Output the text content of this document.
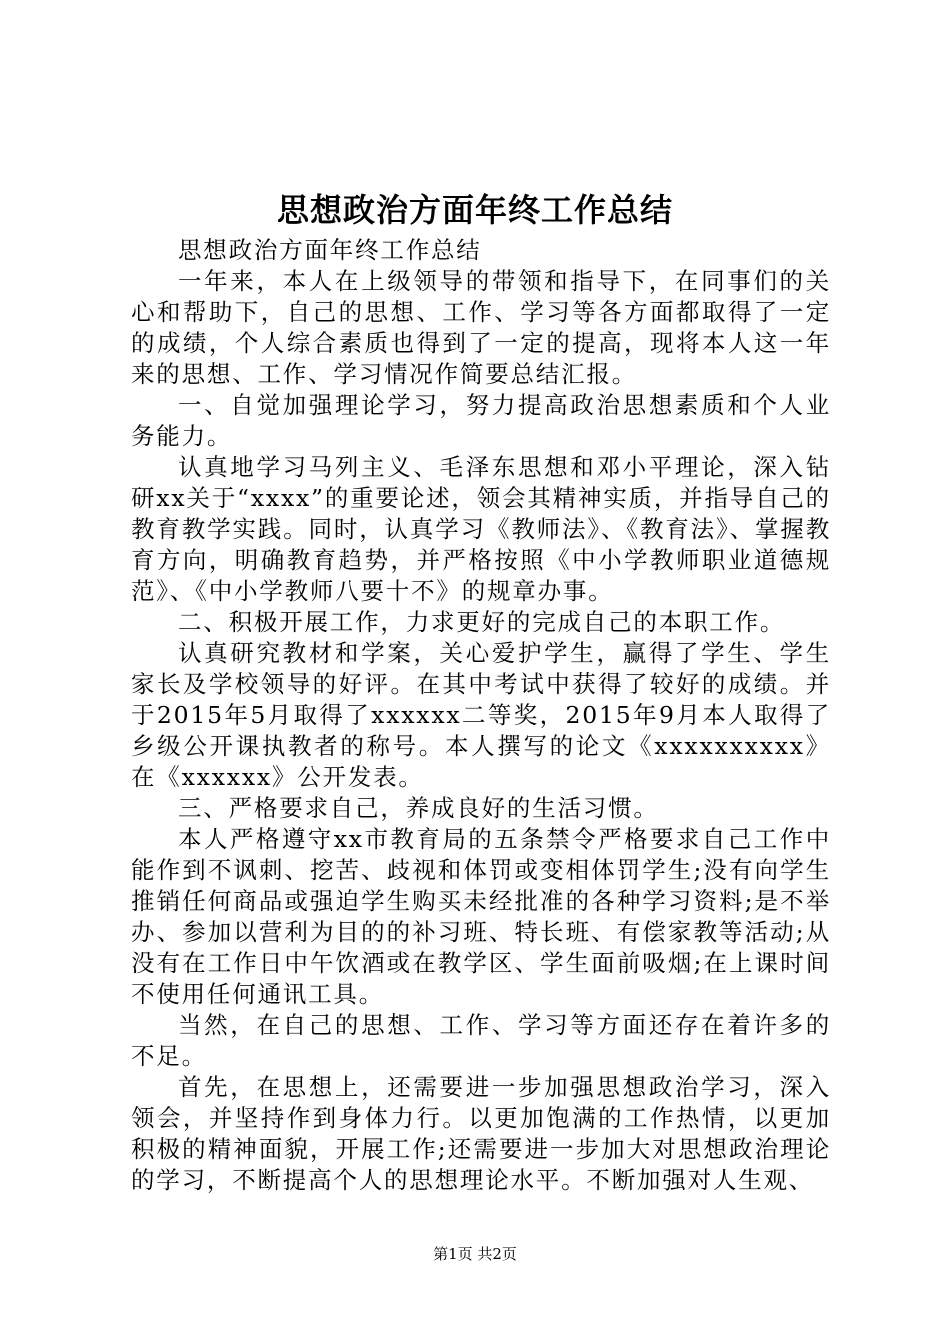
思想政治方面年终工作总结

思想政治方面年终工作总结

一年来，本人在上级领导的带领和指导下，在同事们的关心和帮助下，自己的思想、工作、学习等各方面都取得了一定的成绩，个人综合素质也得到了一定的提高，现将本人这一年来的思想、工作、学习情况作简要总结汇报。

一、自觉加强理论学习，努力提高政治思想素质和个人业务能力。

认真地学习马列主义、毛泽东思想和邓小平理论，深入钻研xx关于“xxxx”的重要论述，领会其精神实质，并指导自己的教育教学实践。同时，认真学习《教师法》、《教育法》、掌握教育方向，明确教育趋势，并严格按照《中小学教师职业道德规范》、《中小学教师八要十不》的规章办事。

二、积极开展工作，力求更好的完成自己的本职工作。

认真研究教材和学案，关心爱护学生，赢得了学生、学生家长及学校领导的好评。在其中考试中获得了较好的成绩。并于2015年5月取得了xxxxxx二等奖，2015年9月本人取得了乡级公开课执教者的称号。本人撰写的论文《xxxxxxxxxx》在《xxxxxx》公开发表。

三、严格要求自己，养成良好的生活习惯。

本人严格遵守xx市教育局的五条禁令严格要求自己工作中能作到不讽刺、挖苦、歧视和体罚或变相体罚学生;没有向学生推销任何商品或强迫学生购买未经批准的各种学习资料;是不举办、参加以营利为目的的补习班、特长班、有偿家教等活动;从没有在工作日中午饮酒或在教学区、学生面前吸烟;在上课时间不使用任何通讯工具。

当然，在自己的思想、工作、学习等方面还存在着许多的不足。

首先，在思想上，还需要进一步加强思想政治学习，深入领会，并坚持作到身体力行。以更加饱满的工作热情，以更加积极的精神面貌，开展工作;还需要进一步加大对思想政治理论的学习，不断提高个人的思想理论水平。不断加强对人生观、

第1页 共2页
